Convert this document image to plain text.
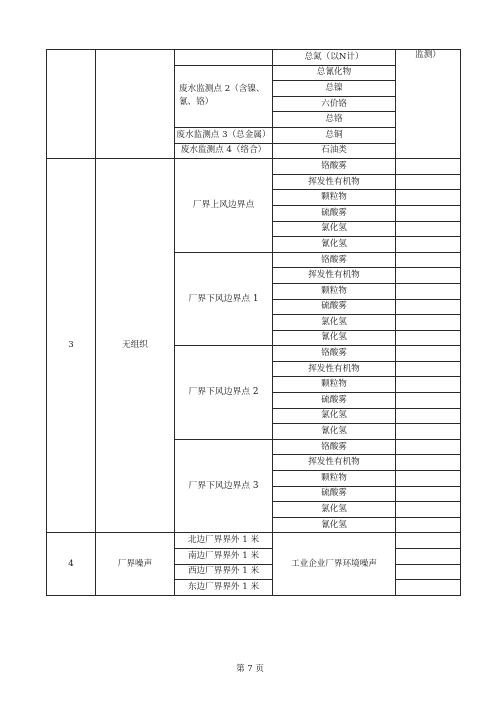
			总氮（以N计）	监测）
		废水监测点 2（含镍、氰、铬）	总氰化物	
			总镍	
			六价铬	
			总铬	
		废水监测点 3（总金属）	总铜	
		废水监测点 4（络合）	石油类	
3	无组织	厂界上风边界点	铬酸雾	
			挥发性有机物	
			颗粒物	
			硫酸雾	
			氯化氢	
			氰化氢	
		厂界下风边界点 1	铬酸雾	
			挥发性有机物	
			颗粒物	
			硫酸雾	
			氯化氢	
			氰化氢	
		厂界下风边界点 2	铬酸雾	
			挥发性有机物	
			颗粒物	
			硫酸雾	
			氯化氢	
			氰化氢	
		厂界下风边界点 3	铬酸雾	
			挥发性有机物	
			颗粒物	
			硫酸雾	
			氯化氢	
			氰化氢	
4	厂界噪声	北边厂界界外 1 米	工业企业厂界环境噪声	
		南边厂界界外 1 米		
		西边厂界界外 1 米		
		东边厂界界外 1 米		
第 7 页
